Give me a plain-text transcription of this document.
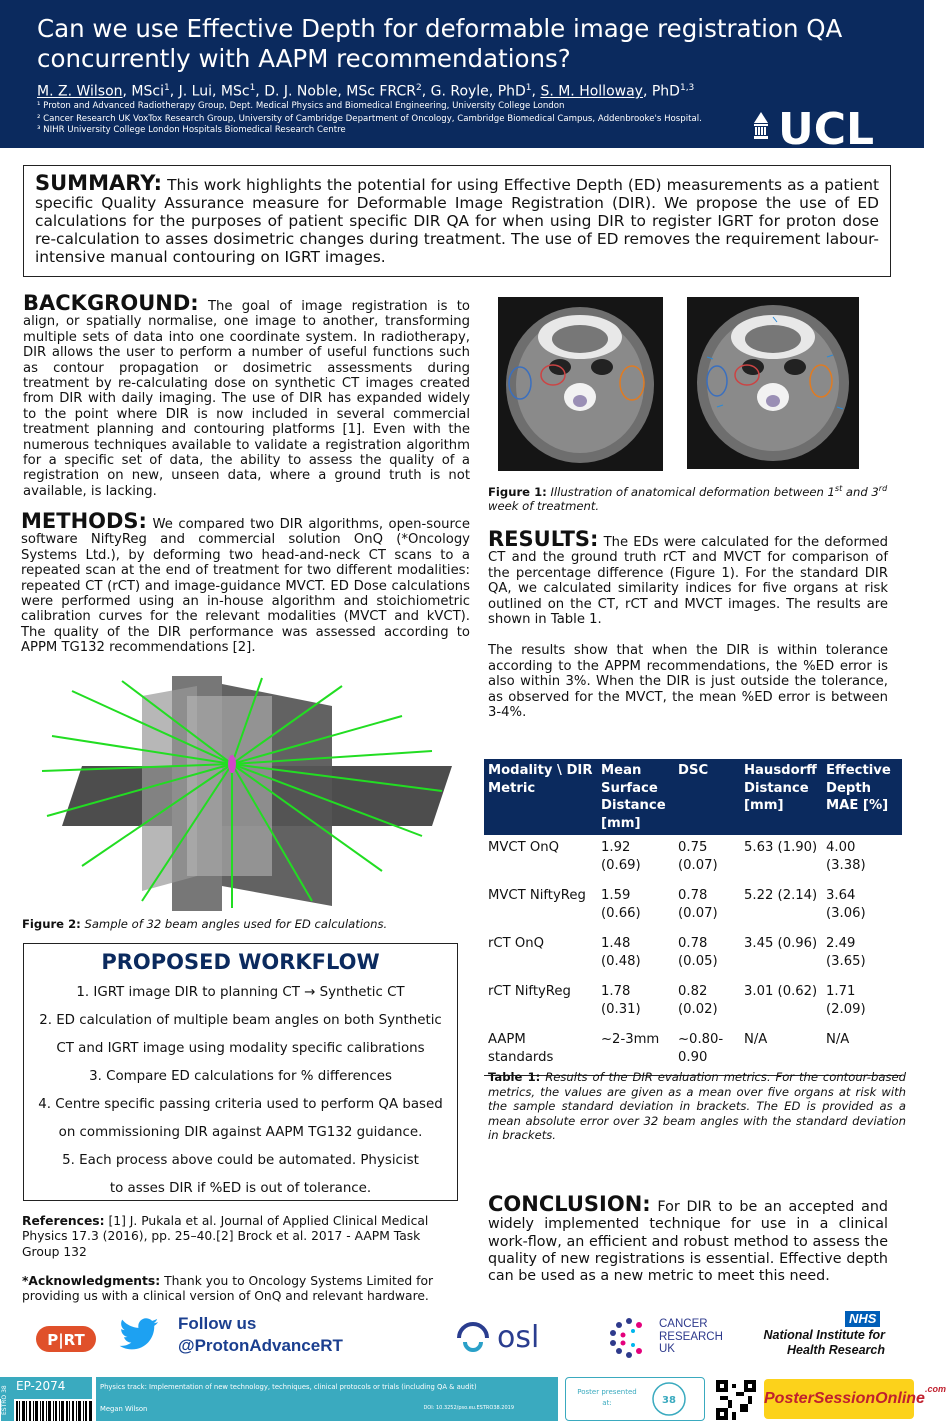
Can we use Effective Depth for deformable image registration QA concurrently with AAPM recommendations?
M. Z. Wilson, MSci$^1$, J. Lui, MSc$^1$, D. J. Noble, MSc FRCR$^2$, G. Royle, PhD$^1$, S. M. Holloway, PhD$^{1,3}$
¹ Proton and Advanced Radiotherapy Group, Dept. Medical Physics and Biomedical Engineering, University College London
² Cancer Research UK VoxTox Research Group, University of Cambridge Department of Oncology, Cambridge Biomedical Campus, Addenbrooke's Hospital.
³ NIHR University College London Hospitals Biomedical Research Centre	UCL
SUMMARY: This work highlights the potential for using Effective Depth (ED) measurements as a patient specific Quality Assurance measure for Deformable Image Registration (DIR). We propose the use of ED calculations for the purposes of patient specific DIR QA for when using DIR to register IGRT for proton dose re-calculation to asses dosimetric changes during treatment. The use of ED removes the requirement labour-intensive manual contouring on IGRT images.
BACKGROUND: The goal of image registration is to align, or spatially normalise, one image to another, transforming multiple sets of data into one coordinate system. In radiotherapy, DIR allows the user to perform a number of useful functions such as contour propagation or dosimetric assessments during treatment by re-calculating dose on synthetic CT images created from DIR with daily imaging. The use of DIR has expanded widely to the point where DIR is now included in several commercial treatment planning and contouring platforms [1]. Even with the numerous techniques available to validate a registration algorithm for a specific set of data, the ability to assess the quality of a registration on new, unseen data, where a ground truth is not available, is lacking.
METHODS: We compared two DIR algorithms, open-source software NiftyReg and commercial solution OnQ (*Oncology Systems Ltd.), by deforming two head-and-neck CT scans to a repeated scan at the end of treatment for two different modalities: repeated CT (rCT) and image-guidance MVCT. ED Dose calculations were performed using an in-house algorithm and stoichiometric calibration curves for the relevant modalities (MVCT and kVCT). The quality of the DIR performance was assessed according to APPM TG132 recommendations [2].
Figure 2: Sample of 32 beam angles used for ED calculations.
PROPOSED WORKFLOW

1. IGRT image DIR to planning CT → Synthetic CT

2. ED calculation of multiple beam angles on both Synthetic CT and IGRT image using modality specific calibrations

3. Compare ED calculations for % differences

4. Centre specific passing criteria used to perform QA based on commissioning DIR against AAPM TG132 guidance.

5. Each process above could be automated. Physicist to asses DIR if %ED is out of tolerance.

References: [1] J. Pukala et al. Journal of Applied Clinical Medical Physics 17.3 (2016), pp. 25–40.[2] Brock et al. 2017 - AAPM Task Group 132
*Acknowledgments: Thank you to Oncology Systems Limited for providing us with a clinical version of OnQ and relevant hardware.
Figure 1: Illustration of anatomical deformation between 1st and 3rd week of treatment.
RESULTS: The EDs were calculated for the deformed CT and the ground truth rCT and MVCT for comparison of the percentage difference (Figure 1). For the standard DIR QA, we calculated similarity indices for five organs at risk outlined on the CT, rCT and MVCT images. The results are shown in Table 1.
The results show that when the DIR is within tolerance according to the APPM recommendations, the %ED error is also within 3%. When the DIR is just outside the tolerance, as observed for the MVCT, the mean %ED error is between 3-4%.
Modality \ DIR Metric	Mean Surface Distance [mm]	DSC	Hausdorff Distance [mm]	Effective Depth MAE [%]
MVCT OnQ	1.92 (0.69)	0.75 (0.07)	5.63 (1.90)	4.00 (3.38)
MVCT NiftyReg	1.59 (0.66)	0.78 (0.07)	5.22 (2.14)	3.64 (3.06)
rCT OnQ	1.48 (0.48)	0.78 (0.05)	3.45 (0.96)	2.49 (3.65)
rCT NiftyReg	1.78 (0.31)	0.82 (0.02)	3.01 (0.62)	1.71 (2.09)
AAPM standards	~2-3mm	~0.80-0.90	N/A	N/A
Table 1: Results of the DIR evaluation metrics. For the contour-based metrics, the values are given as a mean over five organs at risk with the sample standard deviation in brackets. The ED is provided as a mean absolute error over 32 beam angles with the standard deviation in brackets.
CONCLUSION: For DIR to be an accepted and widely implemented technique for use in a clinical work-flow, an efficient and robust method to assess the quality of new registrations is essential. Effective depth can be used as a new metric to meet this need.
P|RT
Follow us
@ProtonAdvanceRT	osl	CANCER
RESEARCH
UK
NHS
National Institute for
Health Research
EP-2074
ESTRO 38	Physics track: Implementation of new technology, techniques, clinical protocols or trials (including QA & audit)
Megan Wilson	DOI: 10.3252/pso.eu.ESTRO38.2019
Poster presented at:	38	PosterSessionOnline$^{.com}$
